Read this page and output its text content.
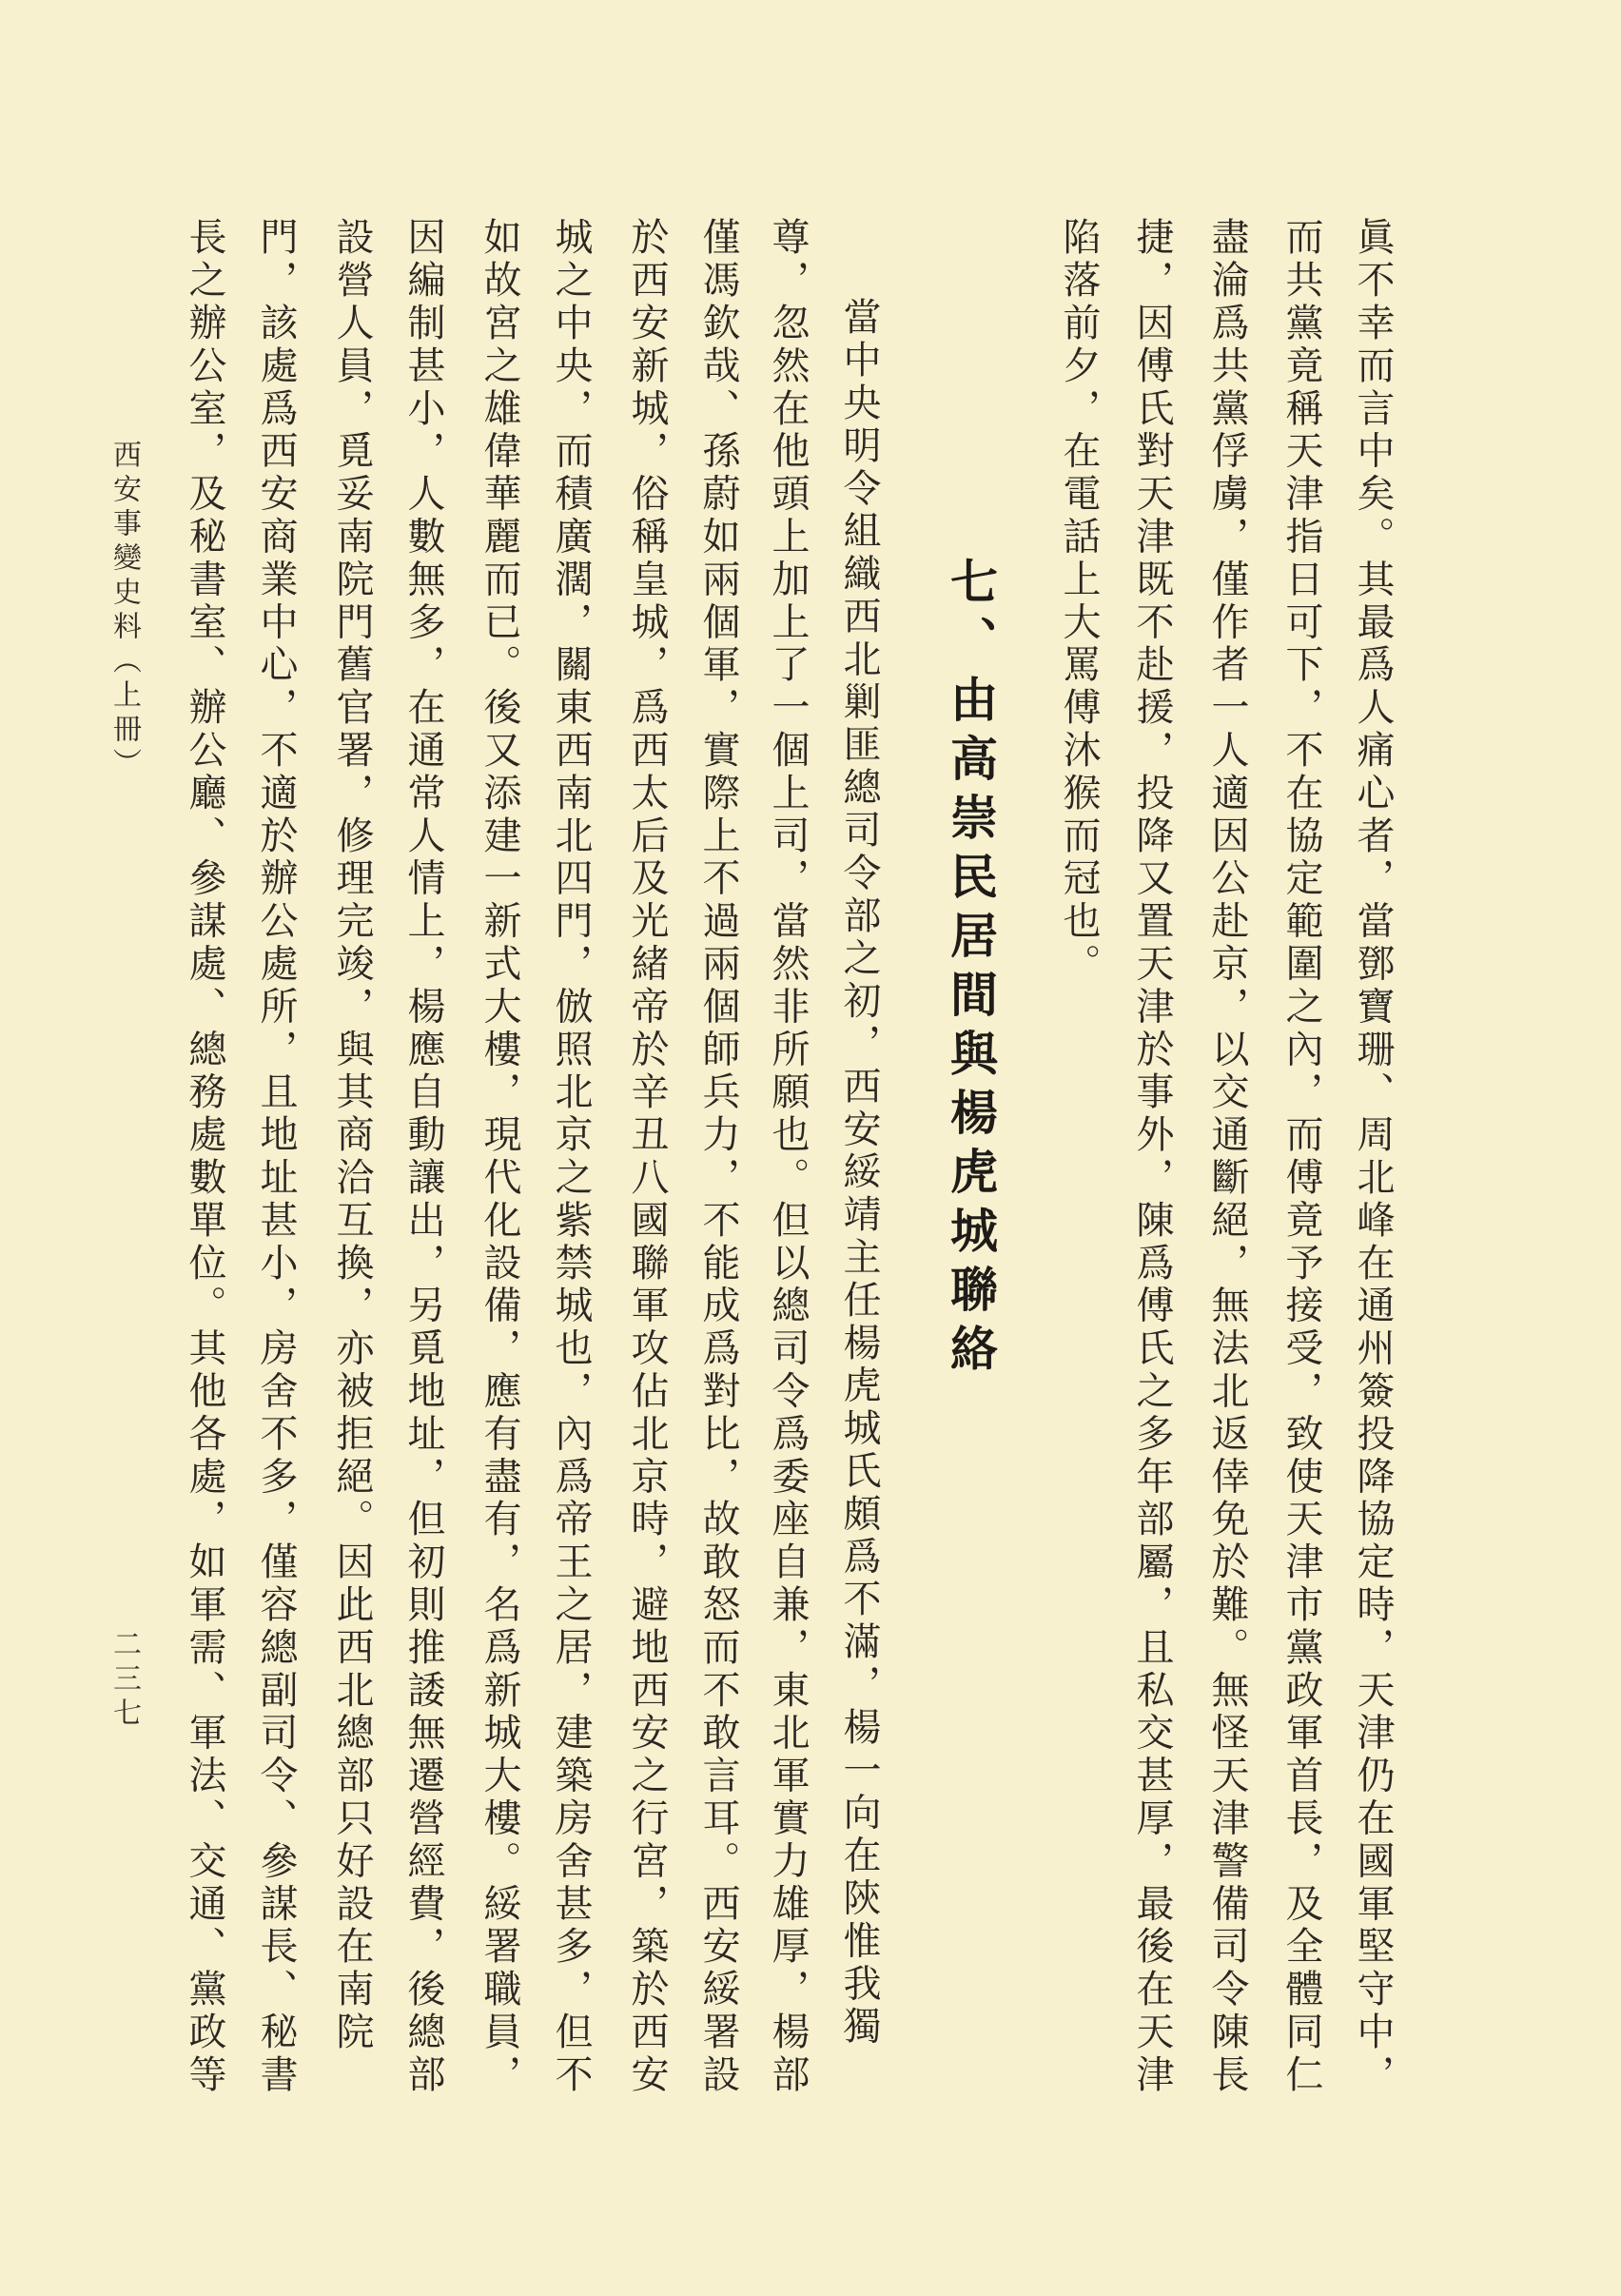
眞不幸而言中矣。其最爲人痛心者，當鄧寶珊、周北峰在通州簽投降協定時，天津仍在國軍堅守中，
而共黨竟稱天津指日可下，不在協定範圍之內，而傅竟予接受，致使天津市黨政軍首長，及全體同仁
盡淪爲共黨俘虜，僅作者一人適因公赴京，以交通斷絕，無法北返倖免於難。無怪天津警備司令陳長
捷，因傅氏對天津既不赴援，投降又置天津於事外，陳爲傅氏之多年部屬，且私交甚厚，最後在天津
陷落前夕，在電話上大罵傅沐猴而冠也。
七、由高崇民居間與楊虎城聯絡
當中央明令組織西北剿匪總司令部之初，西安綏靖主任楊虎城氏頗爲不滿，楊一向在陝惟我獨
尊，忽然在他頭上加上了一個上司，當然非所願也。但以總司令爲委座自兼，東北軍實力雄厚，楊部
僅馮欽哉、孫蔚如兩個軍，實際上不過兩個師兵力，不能成爲對比，故敢怒而不敢言耳。西安綏署設
於西安新城，俗稱皇城，爲西太后及光緒帝於辛丑八國聯軍攻佔北京時，避地西安之行宮，築於西安
城之中央，而積廣濶，關東西南北四門，倣照北京之紫禁城也，內爲帝王之居，建築房舍甚多，但不
如故宮之雄偉華麗而已。後又添建一新式大樓，現代化設備，應有盡有，名爲新城大樓。綏署職員，
因編制甚小，人數無多，在通常人情上，楊應自動讓出，另覓地址，但初則推諉無遷營經費，後總部
設營人員，覓妥南院門舊官署，修理完竣，與其商洽互換，亦被拒絕。因此西北總部只好設在南院
門，該處爲西安商業中心，不適於辦公處所，且地址甚小，房舍不多，僅容總副司令、參謀長、秘書
長之辦公室，及秘書室、辦公廳、參謀處、總務處數單位。其他各處，如軍需、軍法、交通、黨政等
西安事變史料（上冊）
二三七
